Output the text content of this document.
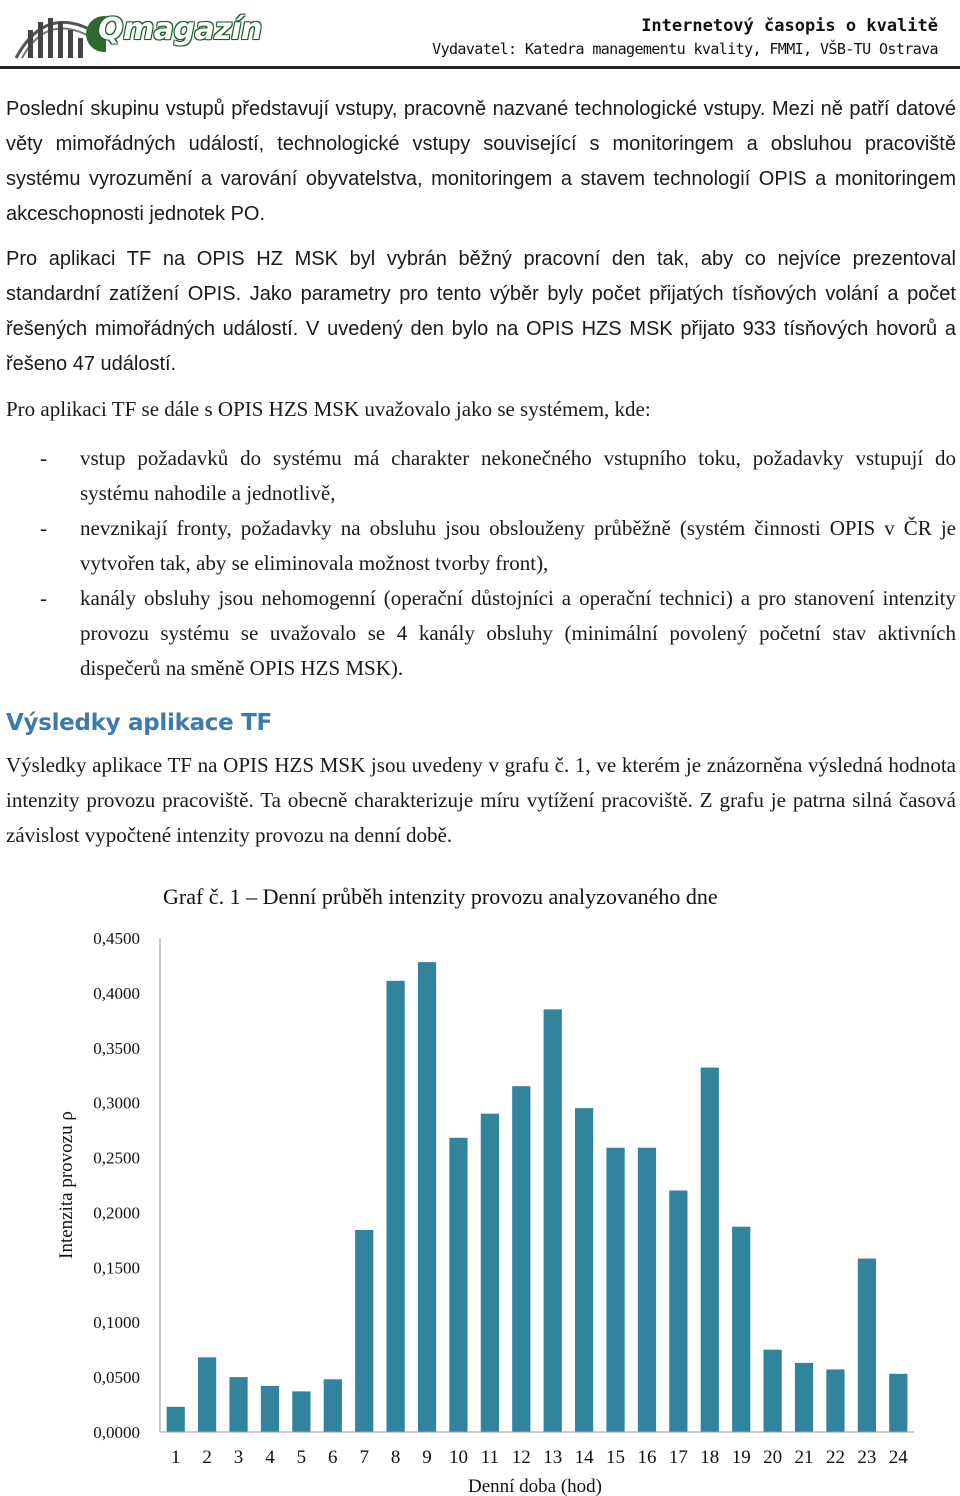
Qmagazín	Internetový časopis o kvalitě
Vydavatel: Katedra managementu kvality, FMMI, VŠB-TU Ostrava

Poslední skupinu vstupů představují vstupy, pracovně nazvané technologické vstupy. Mezi ně patří datové věty mimořádných událostí, technologické vstupy související s monitoringem a obsluhou pracoviště systému vyrozumění a varování obyvatelstva, monitoringem a stavem technologií OPIS a monitoringem akceschopnosti jednotek PO.

Pro aplikaci TF na OPIS HZ MSK byl vybrán běžný pracovní den tak, aby co nejvíce prezentoval standardní zatížení OPIS. Jako parametry pro tento výběr byly počet přijatých tísňových volání a počet řešených mimořádných událostí. V uvedený den bylo na OPIS HZS MSK přijato 933 tísňových hovorů a řešeno 47 událostí.

Pro aplikaci TF se dále s OPIS HZS MSK uvažovalo jako se systémem, kde:

- vstup požadavků do systému má charakter nekonečného vstupního toku, požadavky vstupují do systému nahodile a jednotlivě,
- nevznikají fronty, požadavky na obsluhu jsou obslouženy průběžně (systém činnosti OPIS v ČR je vytvořen tak, aby se eliminovala možnost tvorby front),
- kanály obsluhy jsou nehomogenní (operační důstojníci a operační technici) a pro stanovení intenzity provozu systému se uvažovalo se 4 kanály obsluhy (minimální povolený početní stav aktivních dispečerů na směně OPIS HZS MSK).
Výsledky aplikace TF

Výsledky aplikace TF na OPIS HZS MSK jsou uvedeny v grafu č. 1, ve kterém je znázorněna výsledná hodnota intenzity provozu pracoviště. Ta obecně charakterizuje míru vytížení pracoviště. Z grafu je patrna silná časová závislost vypočtené intenzity provozu na denní době.

Graf č. 1 – Denní průběh intenzity provozu analyzovaného dne
0,0000
0,0500
0,1000
0,1500
0,2000
0,2500
0,3000
0,3500
0,4000
0,4500
1 2 3 4 5 6 7 8 9 10 11 12 13 14 15 16 17 18 19 20 21 22 23 24
Denní doba (hod)
Intenzita provozu ρ
